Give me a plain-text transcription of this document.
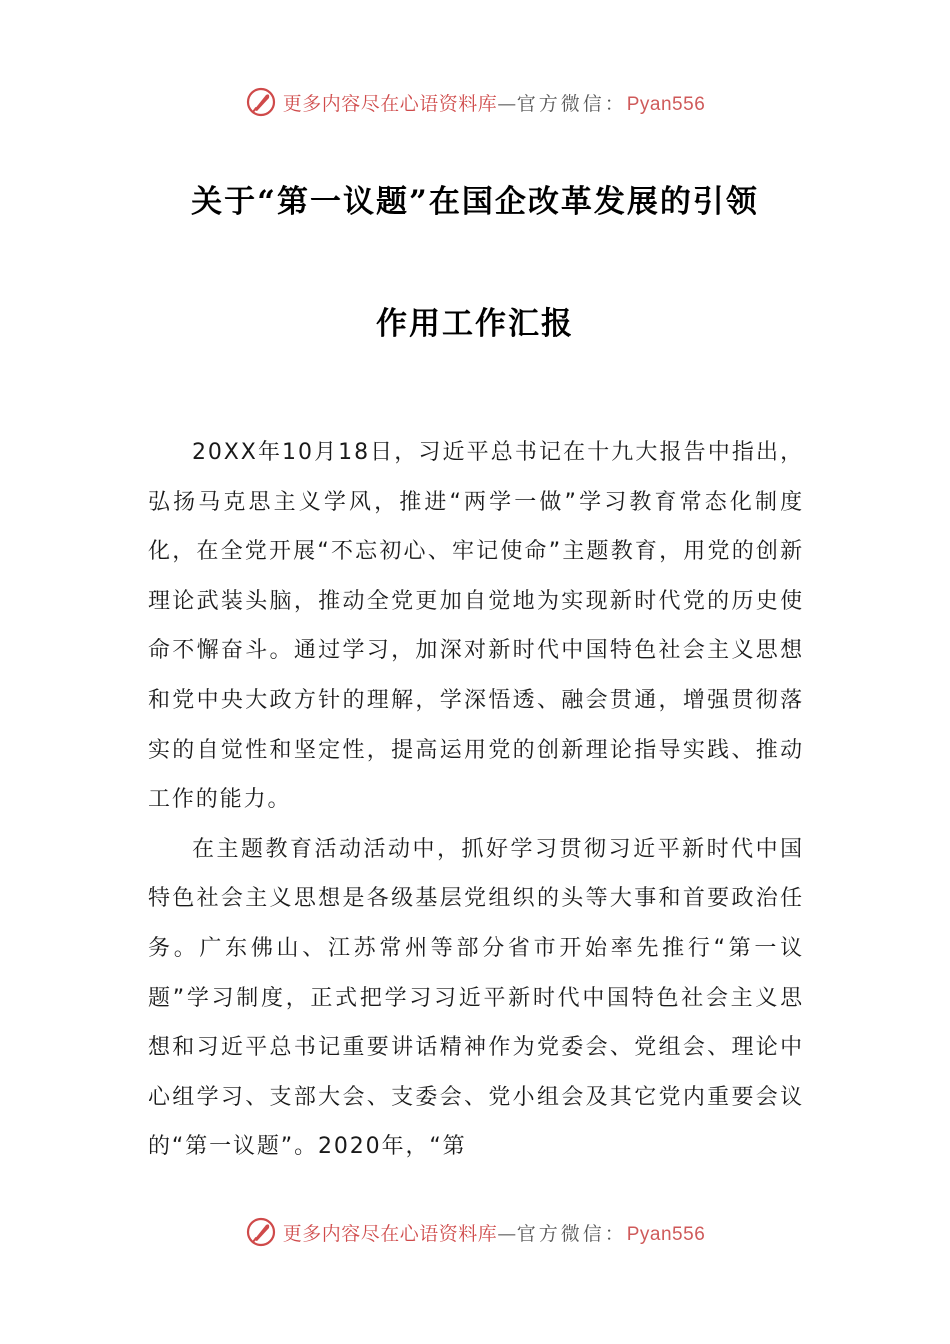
更多内容尽在心语资料库—官方微信：Pyan556
关于“第一议题”在国企改革发展的引领
作用工作汇报

20XX年10月18日，习近平总书记在十九大报告中指出，弘扬马克思主义学风，推进“两学一做”学习教育常态化制度化，在全党开展“不忘初心、牢记使命”主题教育，用党的创新理论武装头脑，推动全党更加自觉地为实现新时代党的历史使命不懈奋斗。通过学习，加深对新时代中国特色社会主义思想和党中央大政方针的理解，学深悟透、融会贯通，增强贯彻落实的自觉性和坚定性，提高运用党的创新理论指导实践、推动工作的能力。

在主题教育活动活动中，抓好学习贯彻习近平新时代中国特色社会主义思想是各级基层党组织的头等大事和首要政治任务。广东佛山、江苏常州等部分省市开始率先推行“第一议题”学习制度，正式把学习习近平新时代中国特色社会主义思想和习近平总书记重要讲话精神作为党委会、党组会、理论中心组学习、支部大会、支委会、党小组会及其它党内重要会议的“第一议题”。2020年，“第

更多内容尽在心语资料库—官方微信：Pyan556
